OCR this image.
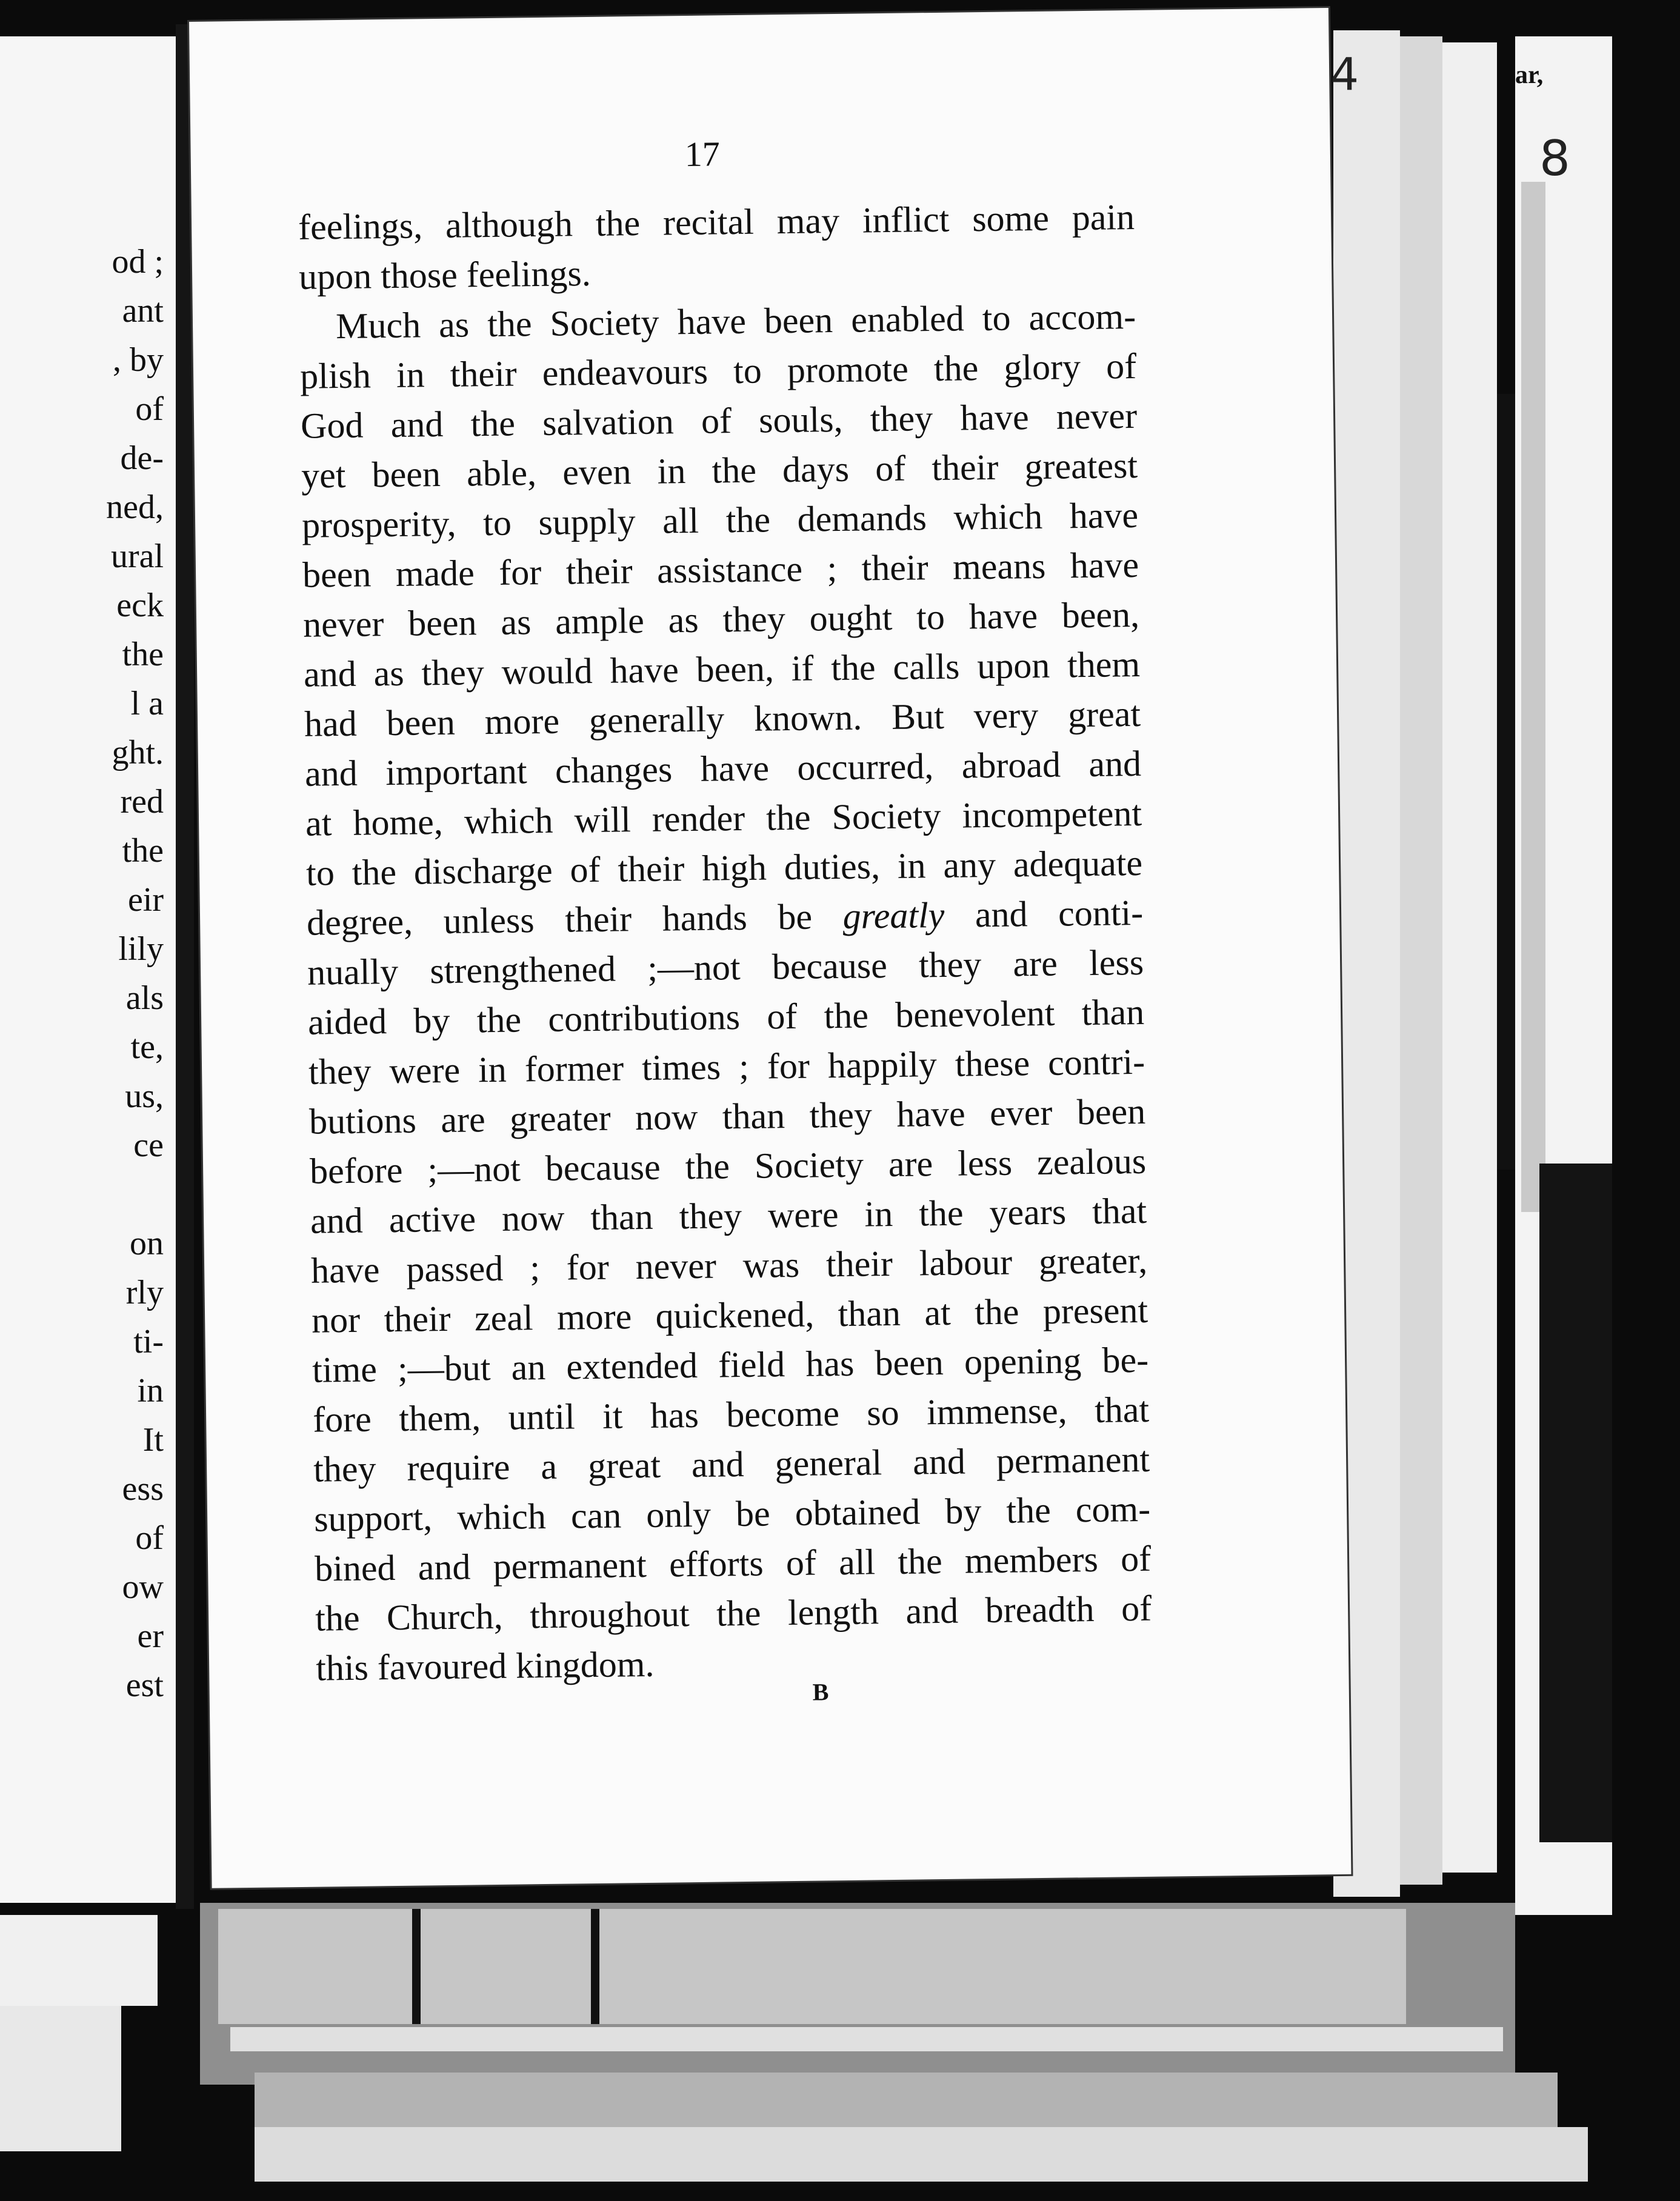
od ;
ant
, by
of
de-
ned,
ural
eck
the
l a
ght.
red
the
eir
lily
als
te,
us,
ce
on
rly
ti-
in
It
ess
of
ow
er
est
4
8
ar,
17
feelings, although the recital may inflict some pain
upon those feelings.
Much as the Society have been enabled to accom-
plish in their endeavours to promote the glory of
God and the salvation of souls, they have never
yet been able, even in the days of their greatest
prosperity, to supply all the demands which have
been made for their assistance ; their means have
never been as ample as they ought to have been,
and as they would have been, if the calls upon them
had been more generally known. But very great
and important changes have occurred, abroad and
at home, which will render the Society incompetent
to the discharge of their high duties, in any adequate
degree, unless their hands be greatly and conti-
nually strengthened ;—not because they are less
aided by the contributions of the benevolent than
they were in former times ; for happily these contri-
butions are greater now than they have ever been
before ;—not because the Society are less zealous
and active now than they were in the years that
have passed ; for never was their labour greater,
nor their zeal more quickened, than at the present
time ;—but an extended field has been opening be-
fore them, until it has become so immense, that
they require a great and general and permanent
support, which can only be obtained by the com-
bined and permanent efforts of all the members of
the Church, throughout the length and breadth of
this favoured kingdom.
B
